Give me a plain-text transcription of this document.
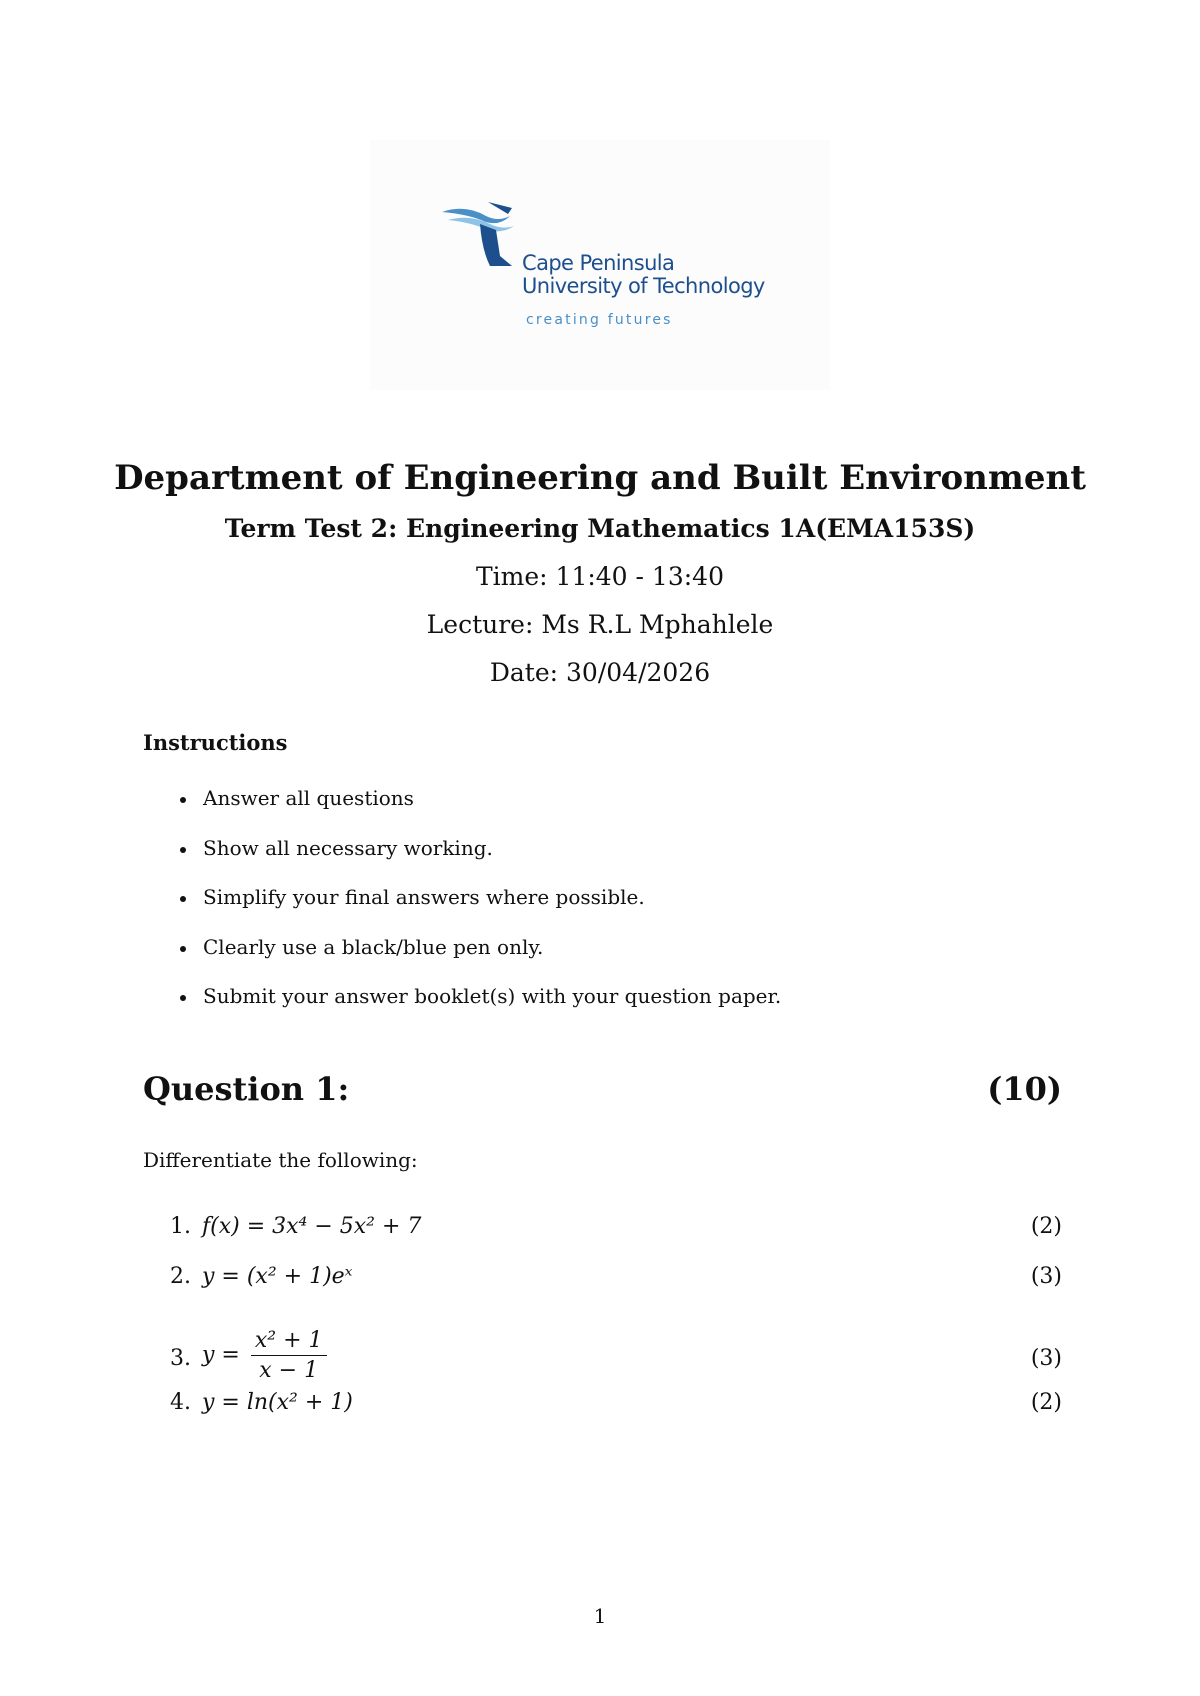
Cape Peninsula
University of Technology
creating futures
Department of Engineering and Built Environment
Term Test 2: Engineering Mathematics 1A(EMA153S)
Time: 11:40 - 13:40
Lecture: Ms R.L Mphahlele
Date: 30/04/2026
Instructions
Answer all questions
Show all necessary working.
Simplify your final answers where possible.
Clearly use a black/blue pen only.
Submit your answer booklet(s) with your question paper.
Question 1:	(10)
Differentiate the following:
1. f(x) = 3x⁴ − 5x² + 7	(2)
2. y = (x² + 1)eˣ	(3)
3. $y = \frac{\text{x² + 1}}{x - 1}$	(3)
4. y = ln(x² + 1)	(2)
1
